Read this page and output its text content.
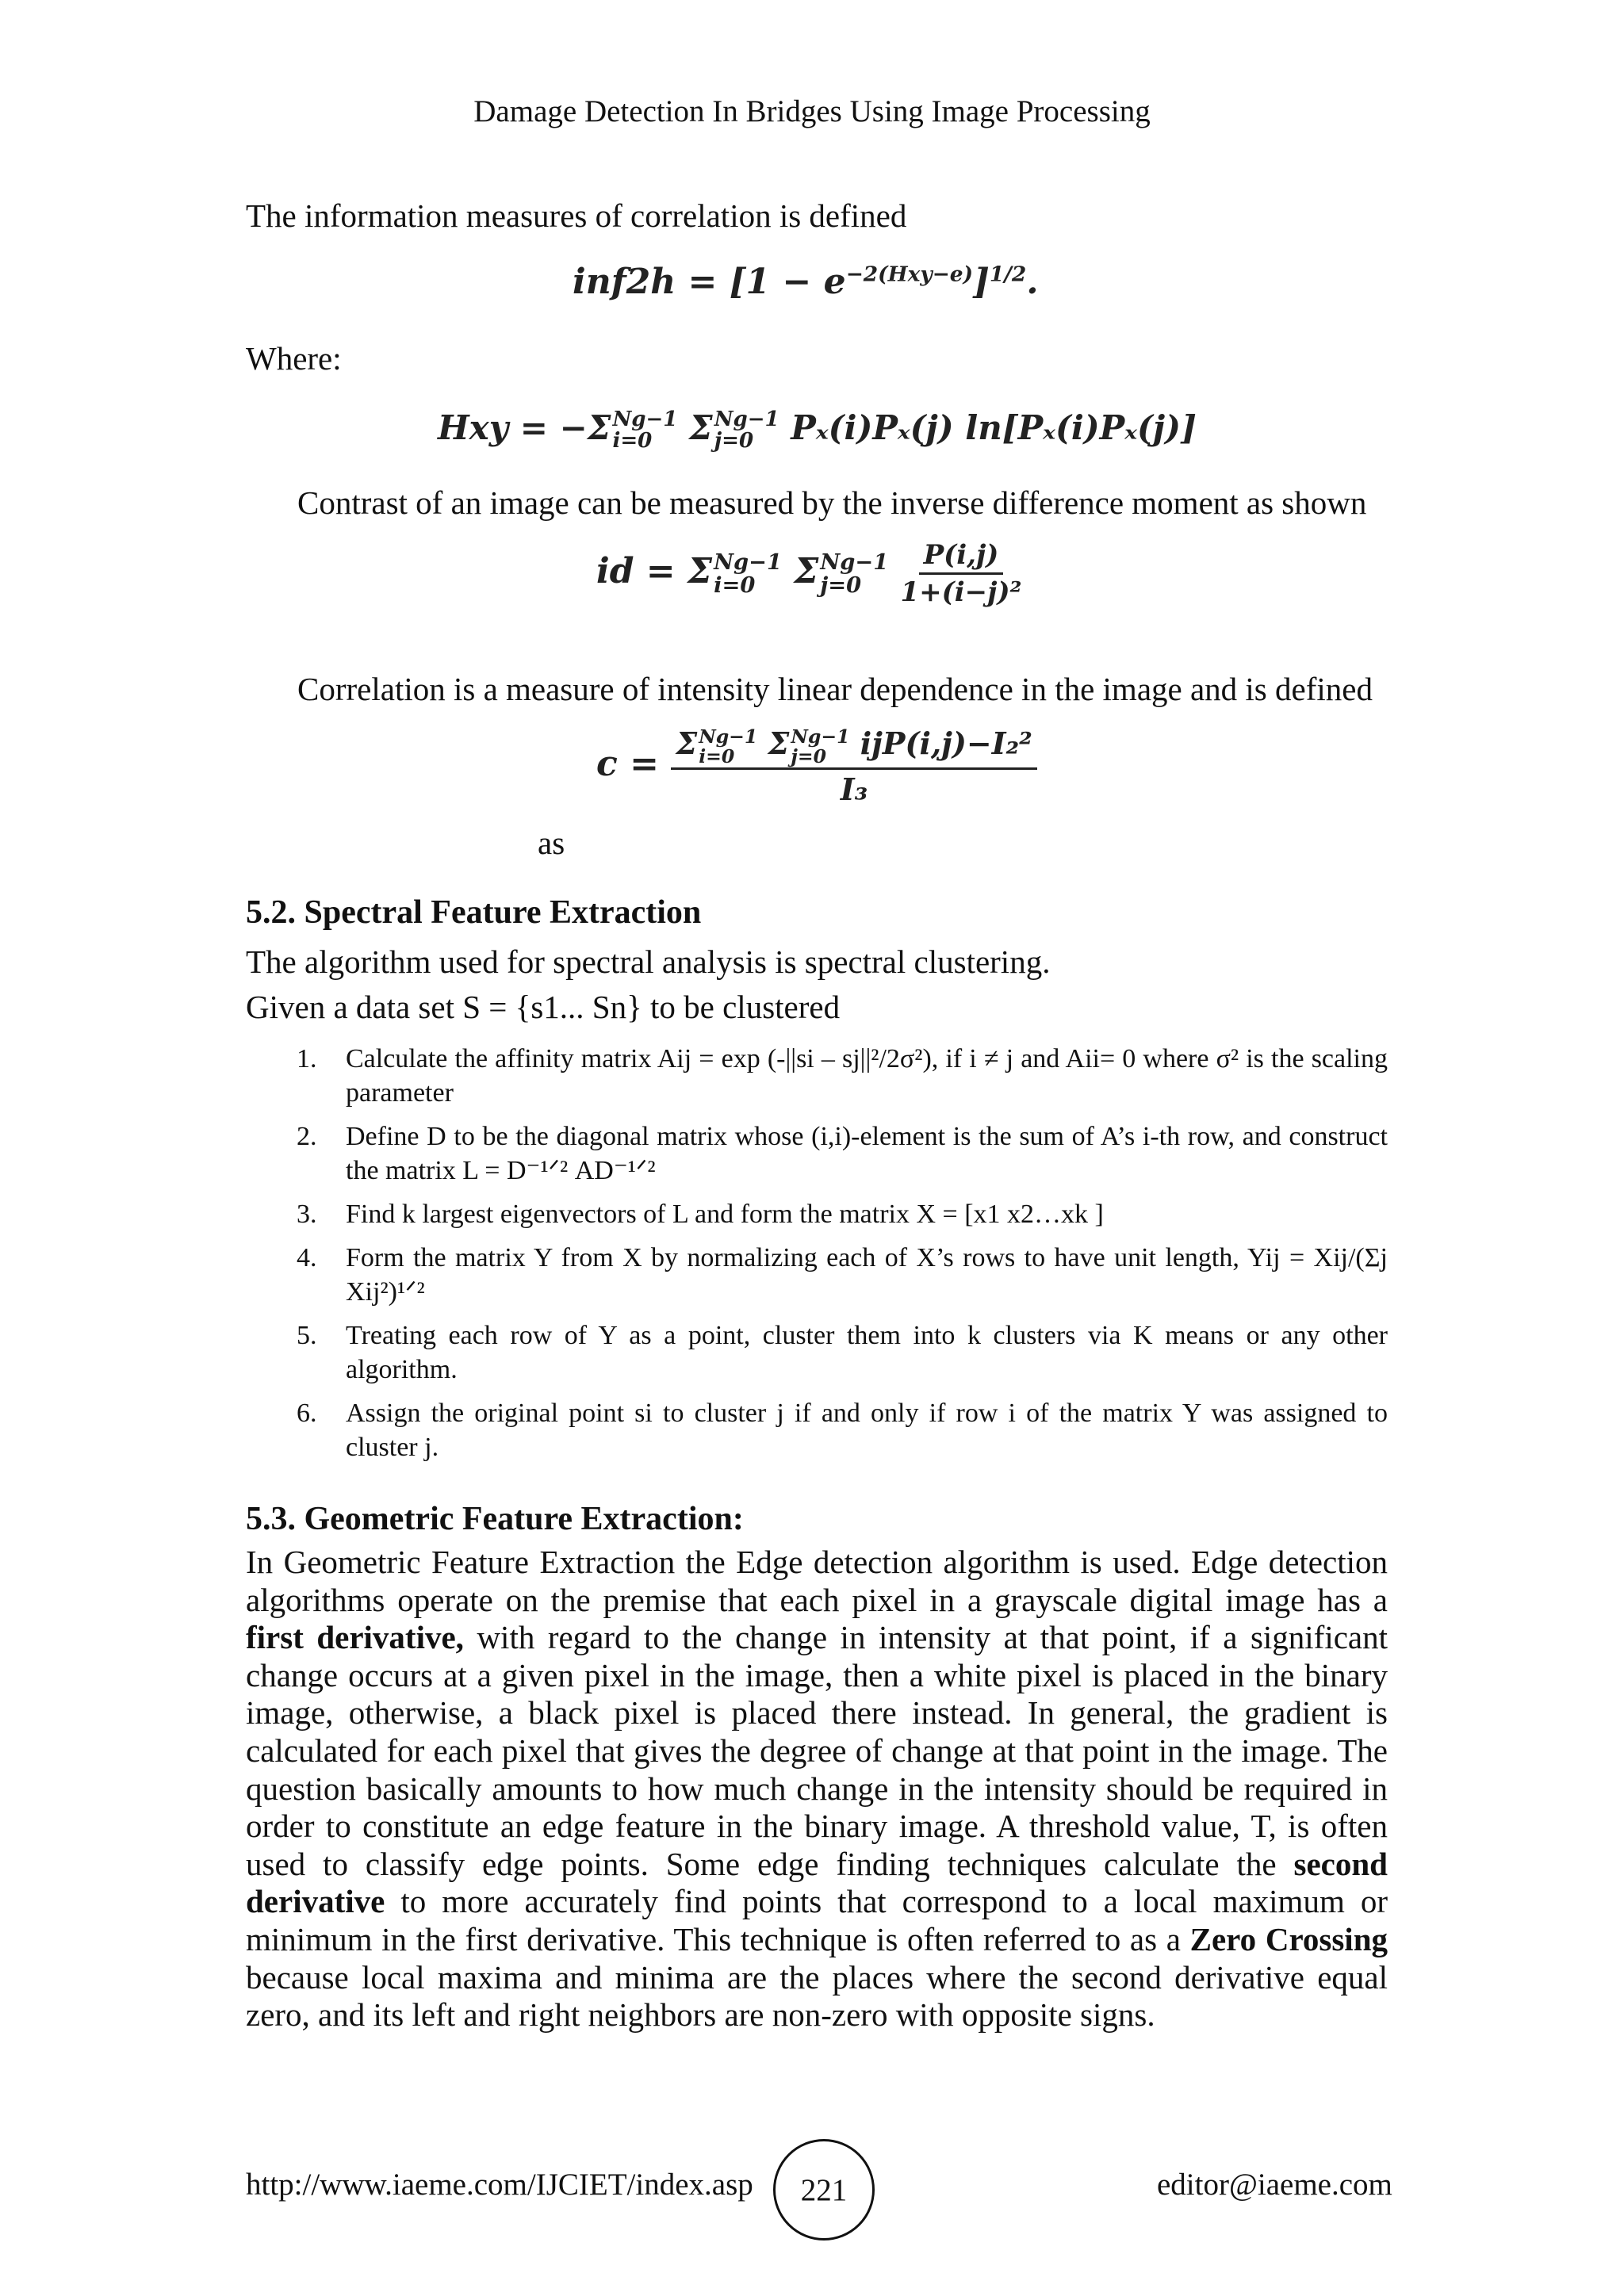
Damage Detection In Bridges Using Image Processing
The information measures of correlation is defined
$inf2h = [1 - e^{-2(Hxy-e)}]^{1/2}$.
Where:
Hxy = −Σ Ng−1
i=0	Σ Ng−1
j=0	Pₓ(i)Pₓ(j) ln[Pₓ(i)Pₓ(j)]
Contrast of an image can be measured by the inverse difference moment as shown
id = Σ Ng−1
i=0	Σ Ng−1
j=0
	$\frac{P(i,j)}{\text{1+(i−j)²}}$
Correlation is a measure of intensity linear dependence in the image and is defined
c = Σ Ng−1
i=0	Σ Ng−1
j=0	ijP(i,j)−I₂²
I₃
as
5.2. Spectral Feature Extraction
The algorithm used for spectral analysis is spectral clustering.
Given a data set S = {s1... Sn} to be clustered
1. Calculate the affinity matrix Aij = exp (-||si – sj||²/2σ²), if i ≠ j and Aii= 0 where σ² is the scaling parameter
2. Define D to be the diagonal matrix whose (i,i)-element is the sum of A’s i-th row, and construct the matrix L = D⁻¹ᐟ² AD⁻¹ᐟ²
3. Find k largest eigenvectors of L and form the matrix X = [x1 x2…xk ]
4. Form the matrix Y from X by normalizing each of X’s rows to have unit length, Yij = Xij/(Σj Xij²)¹ᐟ²
5. Treating each row of Y as a point, cluster them into k clusters via K means or any other algorithm.
6. Assign the original point si to cluster j if and only if row i of the matrix Y was assigned to cluster j.
5.3. Geometric Feature Extraction:
In Geometric Feature Extraction the Edge detection algorithm is used. Edge detection algorithms operate on the premise that each pixel in a grayscale digital image has a first derivative, with regard to the change in intensity at that point, if a significant change occurs at a given pixel in the image, then a white pixel is placed in the binary image, otherwise, a black pixel is placed there instead. In general, the gradient is calculated for each pixel that gives the degree of change at that point in the image. The question basically amounts to how much change in the intensity should be required in order to constitute an edge feature in the binary image. A threshold value, T, is often used to classify edge points. Some edge finding techniques calculate the second derivative to more accurately find points that correspond to a local maximum or minimum in the first derivative. This technique is often referred to as a Zero Crossing because local maxima and minima are the places where the second derivative equal zero, and its left and right neighbors are non-zero with opposite signs.
http://www.iaeme.com/IJCIET/index.asp 221	editor@iaeme.com
